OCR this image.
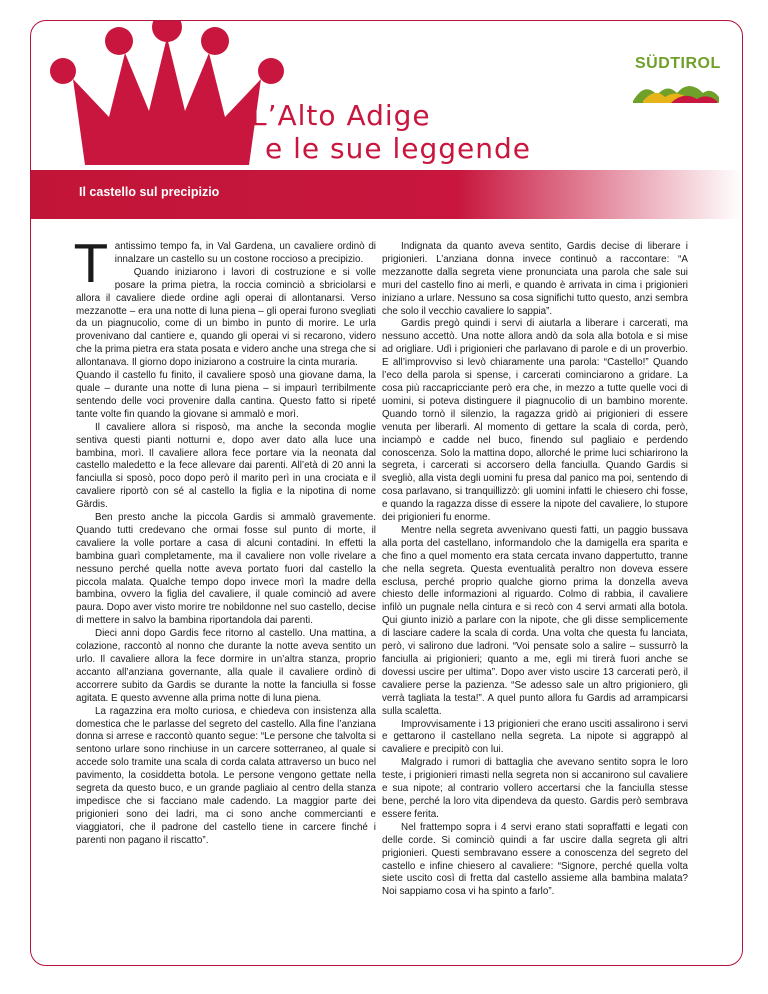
SÜDTIROL
L’Alto Adige
e le sue leggende
Il castello sul precipizio

Tantissimo tempo fa, in Val Gardena, un cavaliere ordinò di innalzare un castello su un costone roccioso a precipizio.

Quando iniziarono i lavori di costruzione e si volle posare la prima pietra, la roccia cominciò a sbriciolarsi e allora il cavaliere diede ordine agli operai di allontanarsi. Verso mezzanotte – era una notte di luna piena – gli operai furono svegliati da un piagnucolio, come di un bimbo in punto di morire. Le urla provenivano dal cantiere e, quando gli operai vi si recarono, videro che la prima pietra era stata posata e videro anche una strega che si allontanava. Il giorno dopo iniziarono a costruire la cinta muraria.

Quando il castello fu finito, il cavaliere sposò una giovane dama, la quale – durante una notte di luna piena – si impaurì terribilmente sentendo delle voci provenire dalla cantina. Questo fatto si ripeté tante volte fin quando la giovane si ammalò e morì.

Il cavaliere allora si risposò, ma anche la seconda moglie sentiva questi pianti notturni e, dopo aver dato alla luce una bambina, morì. Il cavaliere allora fece portare via la neonata dal castello maledetto e la fece allevare dai parenti. All’età di 20 anni la fanciulla si sposò, poco dopo però il marito perì in una crociata e il cavaliere riportò con sé al castello la figlia e la nipotina di nome Gärdis.

Ben presto anche la piccola Gardis si ammalò gravemente. Quando tutti credevano che ormai fosse sul punto di morte, il cavaliere la volle portare a casa di alcuni contadini. In effetti la bambina guarì completamente, ma il cavaliere non volle rivelare a nessuno perché quella notte aveva portato fuori dal castello la piccola malata. Qualche tempo dopo invece morì la madre della bambina, ovvero la figlia del cavaliere, il quale cominciò ad avere paura. Dopo aver visto morire tre nobildonne nel suo castello, decise di mettere in salvo la bambina riportandola dai parenti.

Dieci anni dopo Gardis fece ritorno al castello. Una mattina, a colazione, raccontò al nonno che durante la notte aveva sentito un urlo. Il cavaliere allora la fece dormire in un’altra stanza, proprio accanto all’anziana governante, alla quale il cavaliere ordinò di accorrere subito da Gardis se durante la notte la fanciulla si fosse agitata. E questo avvenne alla prima notte di luna piena.

La ragazzina era molto curiosa, e chiedeva con insistenza alla domestica che le parlasse del segreto del castello. Alla fine l’anziana donna si arrese e raccontò quanto segue: “Le persone che talvolta si sentono urlare sono rinchiuse in un carcere sotterraneo, al quale si accede solo tramite una scala di corda calata attraverso un buco nel pavimento, la cosiddetta botola. Le persone vengono gettate nella segreta da questo buco, e un grande pagliaio al centro della stanza impedisce che si facciano male cadendo. La maggior parte dei prigionieri sono dei ladri, ma ci sono anche commercianti e viaggiatori, che il padrone del castello tiene in carcere finché i parenti non pagano il riscatto”.

Indignata da quanto aveva sentito, Gardis decise di liberare i prigionieri. L’anziana donna invece continuò a raccontare: “A mezzanotte dalla segreta viene pronunciata una parola che sale sui muri del castello fino ai merli, e quando è arrivata in cima i prigionieri iniziano a urlare. Nessuno sa cosa significhi tutto questo, anzi sembra che solo il vecchio cavaliere lo sappia”.

Gardis pregò quindi i servi di aiutarla a liberare i carcerati, ma nessuno accettò. Una notte allora andò da sola alla botola e si mise ad origliare. Udì i prigionieri che parlavano di parole e di un proverbio. E all’improvviso si levò chiaramente una parola: “Castello!” Quando l’eco della parola si spense, i carcerati cominciarono a gridare. La cosa più raccapricciante però era che, in mezzo a tutte quelle voci di uomini, si poteva distinguere il piagnucolio di un bambino morente. Quando tornò il silenzio, la ragazza gridò ai prigionieri di essere venuta per liberarli. Al momento di gettare la scala di corda, però, inciampò e cadde nel buco, finendo sul pagliaio e perdendo conoscenza. Solo la mattina dopo, allorché le prime luci schiarirono la segreta, i carcerati si accorsero della fanciulla. Quando Gardis si svegliò, alla vista degli uomini fu presa dal panico ma poi, sentendo di cosa parlavano, si tranquillizzò: gli uomini infatti le chiesero chi fosse, e quando la ragazza disse di essere la nipote del cavaliere, lo stupore dei prigionieri fu enorme.

Mentre nella segreta avvenivano questi fatti, un paggio bussava alla porta del castellano, informandolo che la damigella era sparita e che fino a quel momento era stata cercata invano dappertutto, tranne che nella segreta. Questa eventualità peraltro non doveva essere esclusa, perché proprio qualche giorno prima la donzella aveva chiesto delle informazioni al riguardo. Colmo di rabbia, il cavaliere infilò un pugnale nella cintura e si recò con 4 servi armati alla botola. Qui giunto iniziò a parlare con la nipote, che gli disse semplicemente di lasciare cadere la scala di corda. Una volta che questa fu lanciata, però, vi salirono due ladroni. “Voi pensate solo a salire – sussurrò la fanciulla ai prigionieri; quanto a me, egli mi tirerà fuori anche se dovessi uscire per ultima”. Dopo aver visto uscire 13 carcerati però, il cavaliere perse la pazienza. “Se adesso sale un altro prigioniero, gli verrà tagliata la testa!”. A quel punto allora fu Gardis ad arrampicarsi sulla scaletta.

Improvvisamente i 13 prigionieri che erano usciti assalirono i servi e gettarono il castellano nella segreta. La nipote si aggrappò al cavaliere e precipitò con lui.

Malgrado i rumori di battaglia che avevano sentito sopra le loro teste, i prigionieri rimasti nella segreta non si accanirono sul cavaliere e sua nipote; al contrario vollero accertarsi che la fanciulla stesse bene, perché la loro vita dipendeva da questo. Gardis però sembrava essere ferita.

Nel frattempo sopra i 4 servi erano stati sopraffatti e legati con delle corde. Si cominciò quindi a far uscire dalla segreta gli altri prigionieri. Questi sembravano essere a conoscenza del segreto del castello e infine chiesero al cavaliere: “Signore, perché quella volta siete uscito così di fretta dal castello assieme alla bambina malata? Noi sappiamo cosa vi ha spinto a farlo”.
